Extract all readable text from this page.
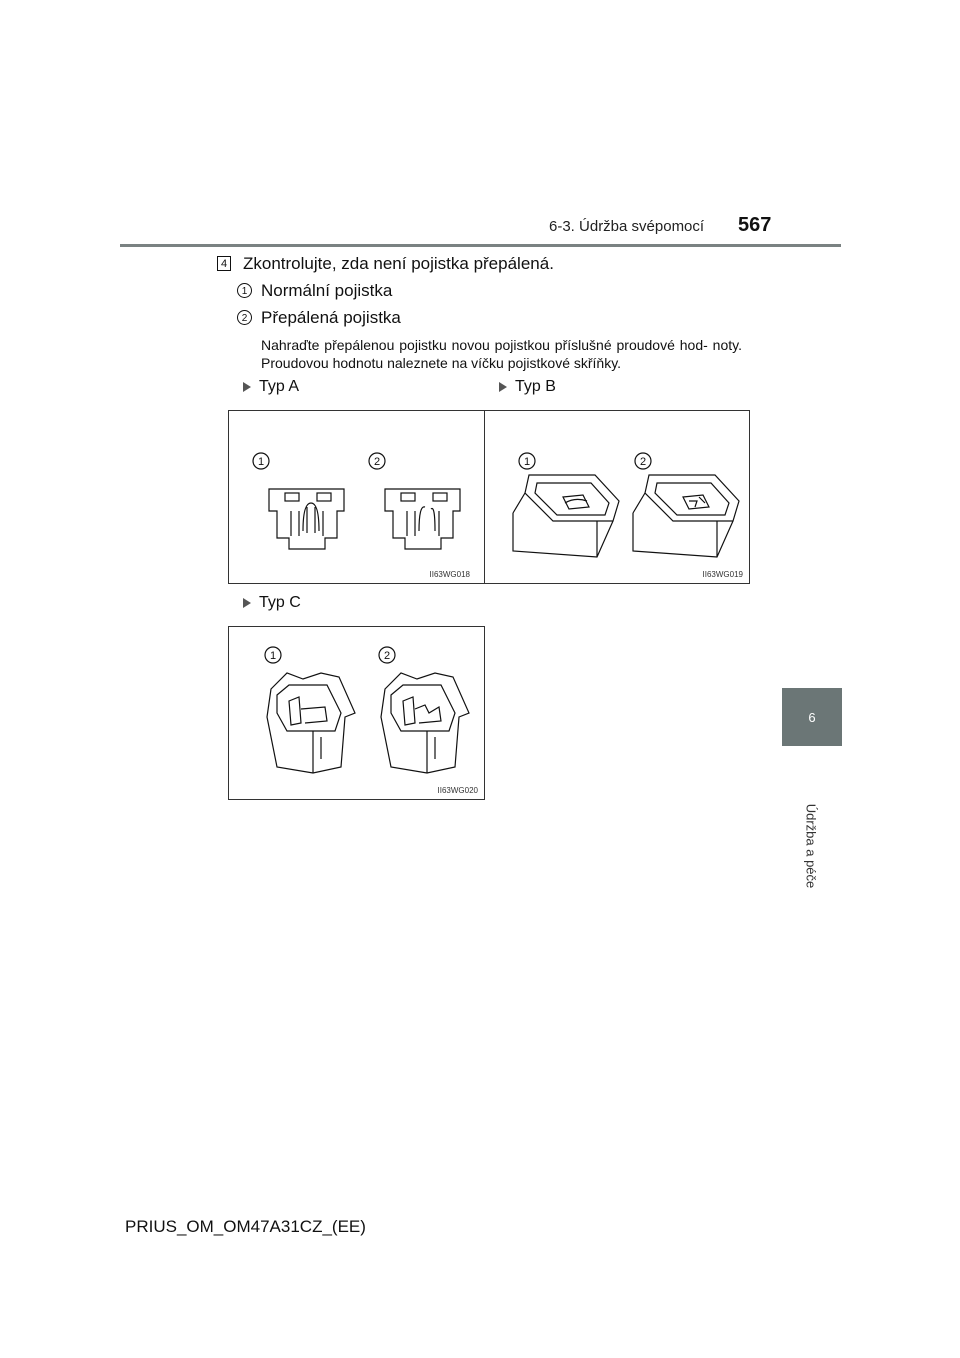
6-3. Údržba svépomocí 567
6
Údržba a péče
4 Zkontrolujte, zda není pojistka přepálená.
1 Normální pojistka
2 Přepálená pojistka
Nahraďte přepálenou pojistku novou pojistkou příslušné proudové hod- noty. Proudovou hodnotu naleznete na víčku pojistkové skříňky.
Typ A
1	2
II63WG018
Typ B
1	2
II63WG019
Typ C
1	2
II63WG020
PRIUS_OM_OM47A31CZ_(EE)
